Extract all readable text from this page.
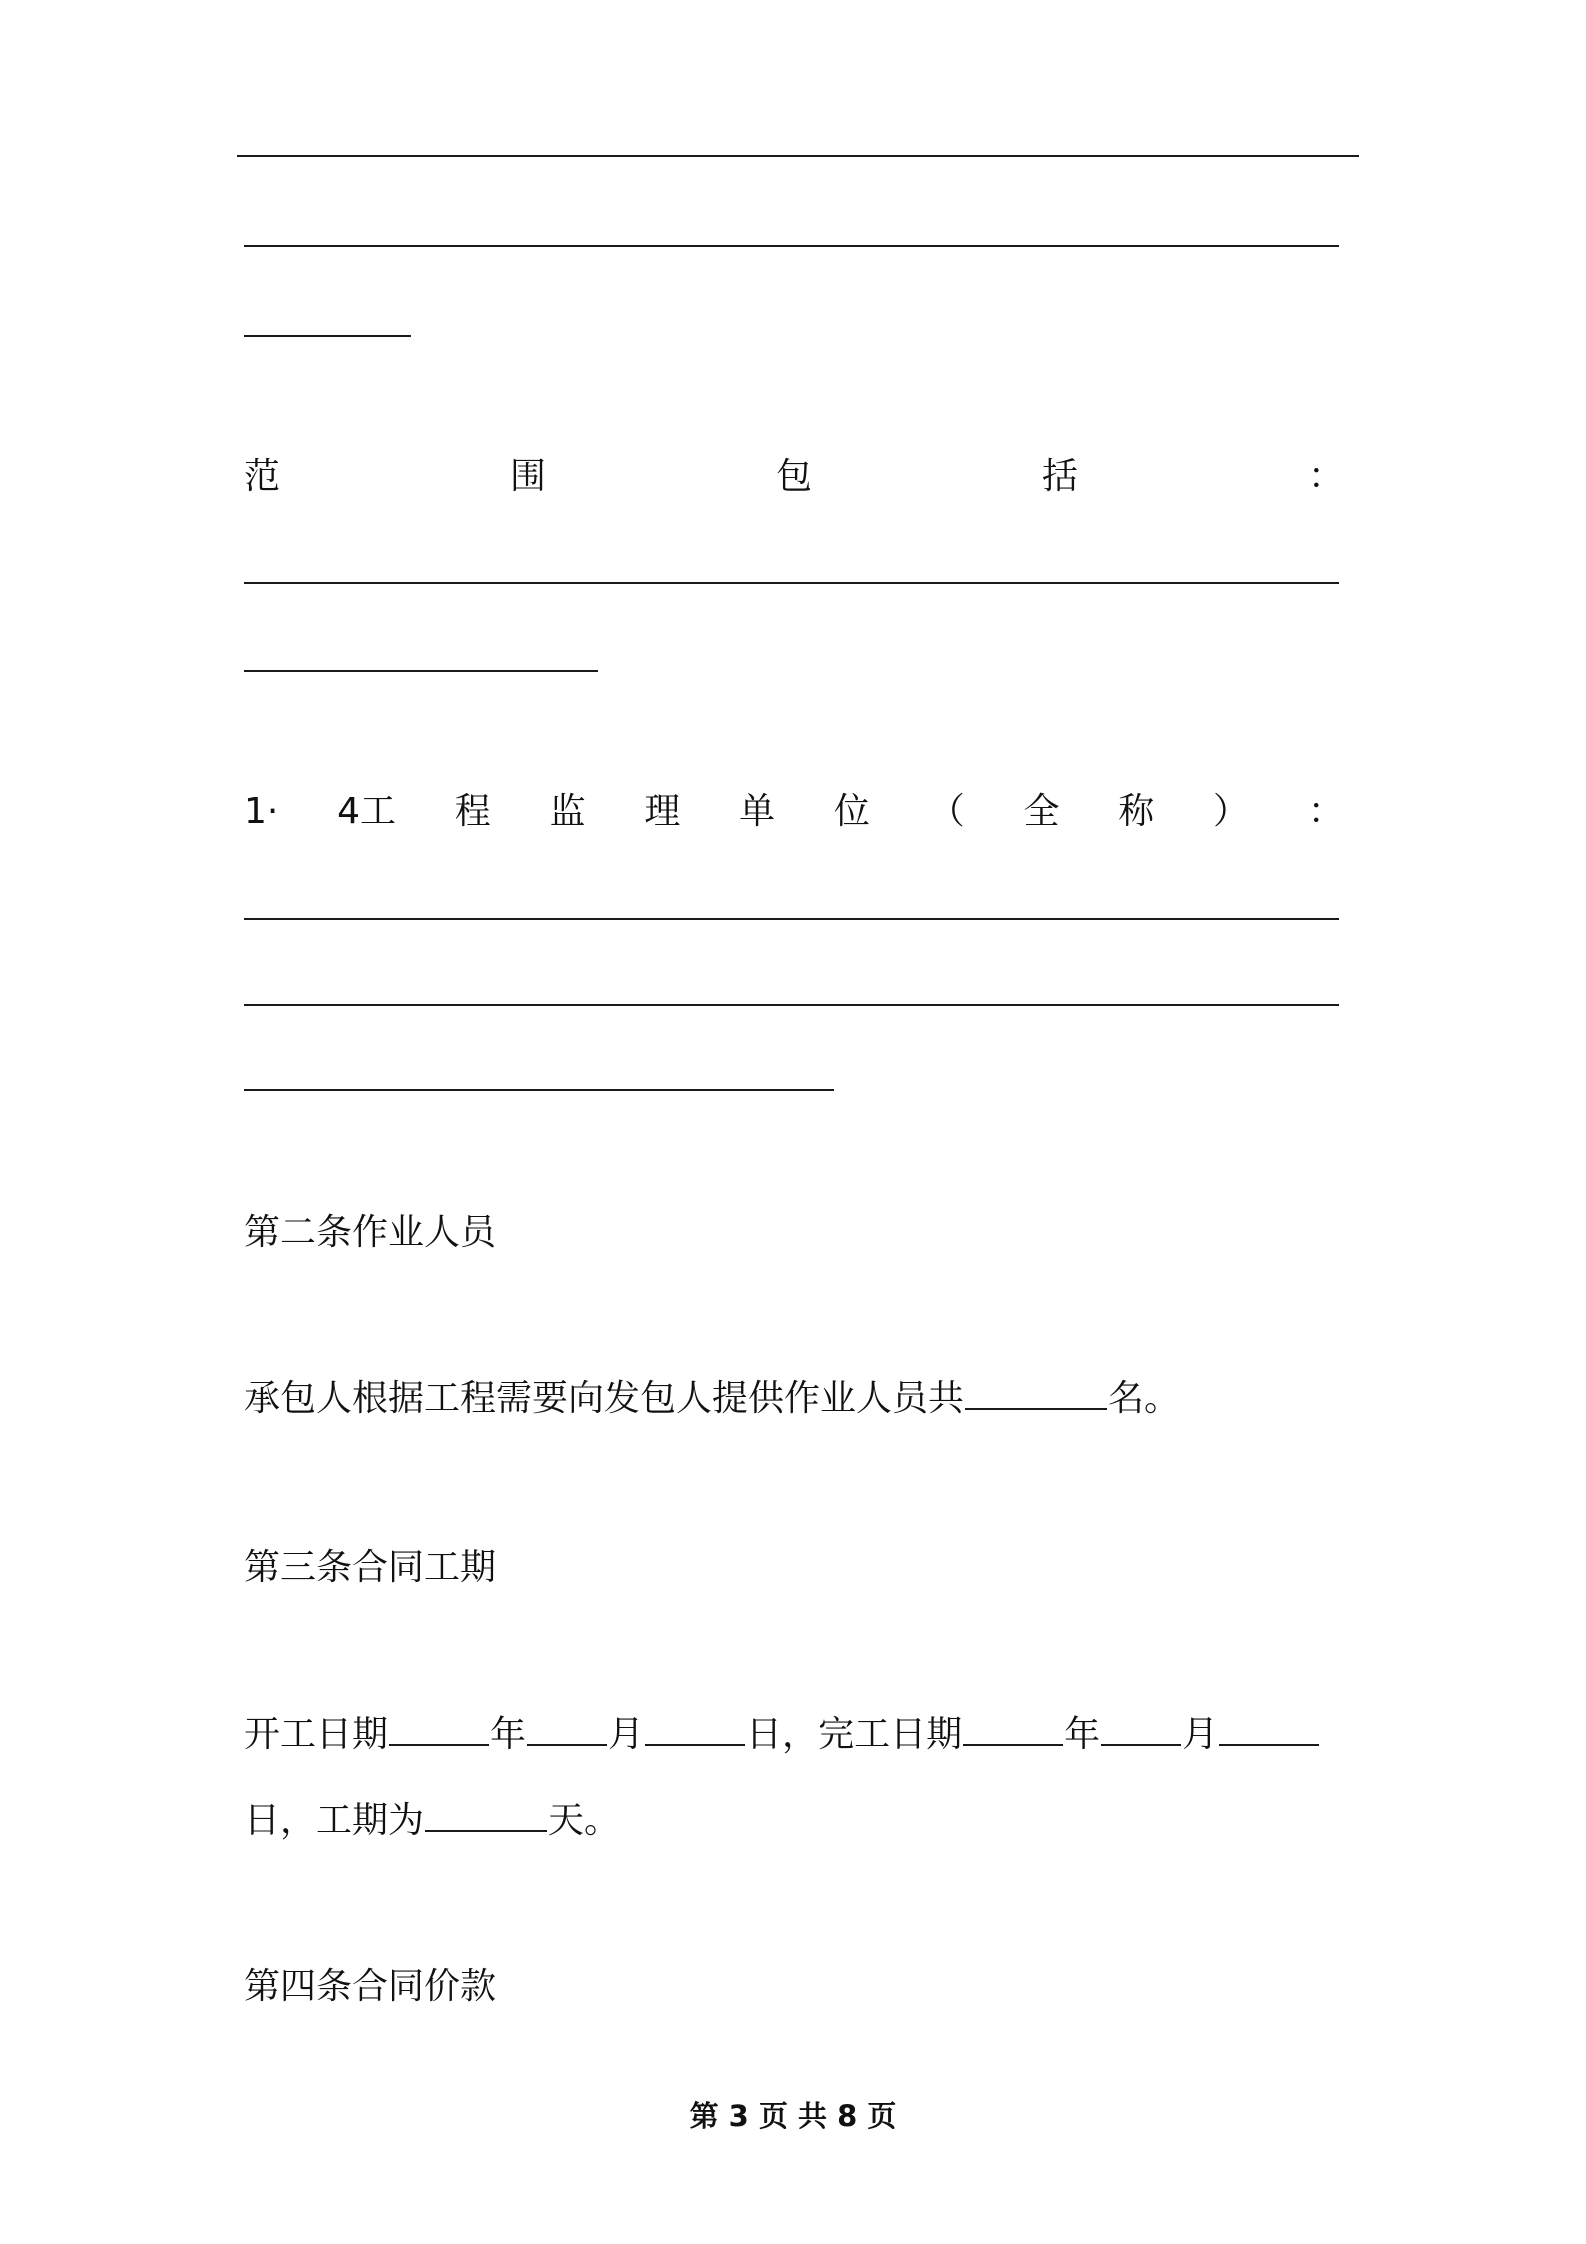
范	围	包	括	：
1· 4工 程 监 理 单 位 （ 全 称 ） ：
第二条作业人员
承包人根据工程需要向发包人提供作业人员共	名。
第三条合同工期
开工日期	年 月	日，完工日期	年 月
日，工期为	天。
第四条合同价款
第 3 页 共 8 页
